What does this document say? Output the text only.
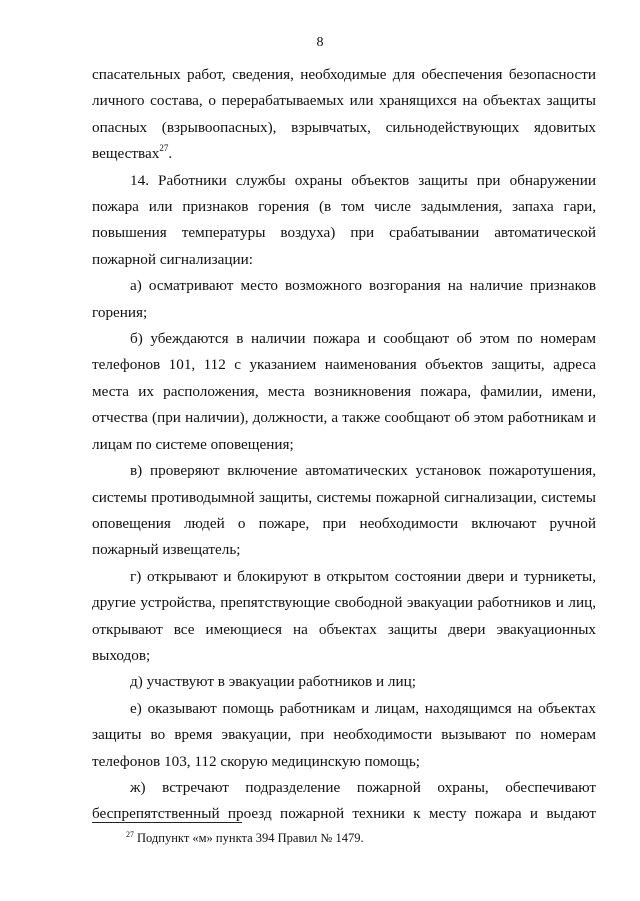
8

спасательных работ, сведения, необходимые для обеспечения безопасности личного состава, о перерабатываемых или хранящихся на объектах защиты опасных (взрывоопасных), взрывчатых, сильнодействующих ядовитых веществах$^{27}$.

14. Работники службы охраны объектов защиты при обнаружении пожара или признаков горения (в том числе задымления, запаха гари, повышения температуры воздуха) при срабатывании автоматической пожарной сигнализации:

а) осматривают место возможного возгорания на наличие признаков горения;

б) убеждаются в наличии пожара и сообщают об этом по номерам телефонов 101, 112 с указанием наименования объектов защиты, адреса места их расположения, места возникновения пожара, фамилии, имени, отчества (при наличии), должности, а также сообщают об этом работникам и лицам по системе оповещения;

в) проверяют включение автоматических установок пожаротушения, системы противодымной защиты, системы пожарной сигнализации, системы оповещения людей о пожаре, при необходимости включают ручной пожарный извещатель;

г) открывают и блокируют в открытом состоянии двери и турникеты, другие устройства, препятствующие свободной эвакуации работников и лиц, открывают все имеющиеся на объектах защиты двери эвакуационных выходов;

д) участвуют в эвакуации работников и лиц;

е) оказывают помощь работникам и лицам, находящимся на объектах защиты во время эвакуации, при необходимости вызывают по номерам телефонов 103, 112 скорую медицинскую помощь;

ж) встречают подразделение пожарной охраны, обеспечивают беспрепятственный проезд пожарной техники к месту пожара и выдают

$^{27}$ Подпункт «м» пункта 394 Правил № 1479.
